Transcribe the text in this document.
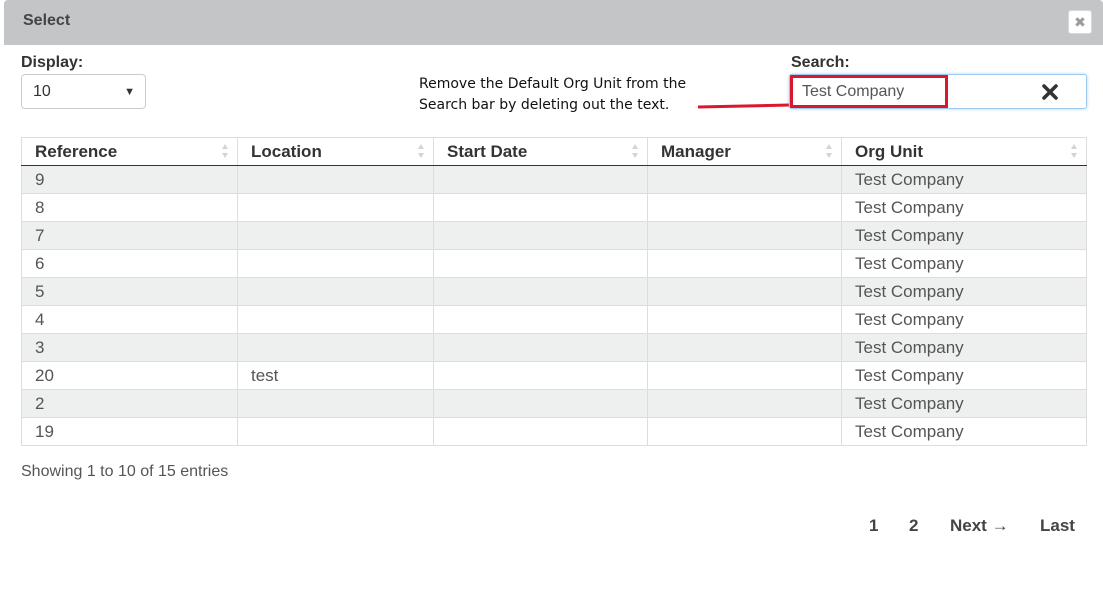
Select	✖
Display:
10	▼	Remove the Default Org Unit from the
Search bar by deleting out the text.
Search:
Test Company
Reference	Location	Start Date	Manager	Org Unit

9				Test Company
8				Test Company
7				Test Company
6				Test Company
5				Test Company
4				Test Company
3				Test Company
20	test			Test Company
2				Test Company
19				Test Company
Showing 1 to 10 of 15 entries
1 2 Next → Last
